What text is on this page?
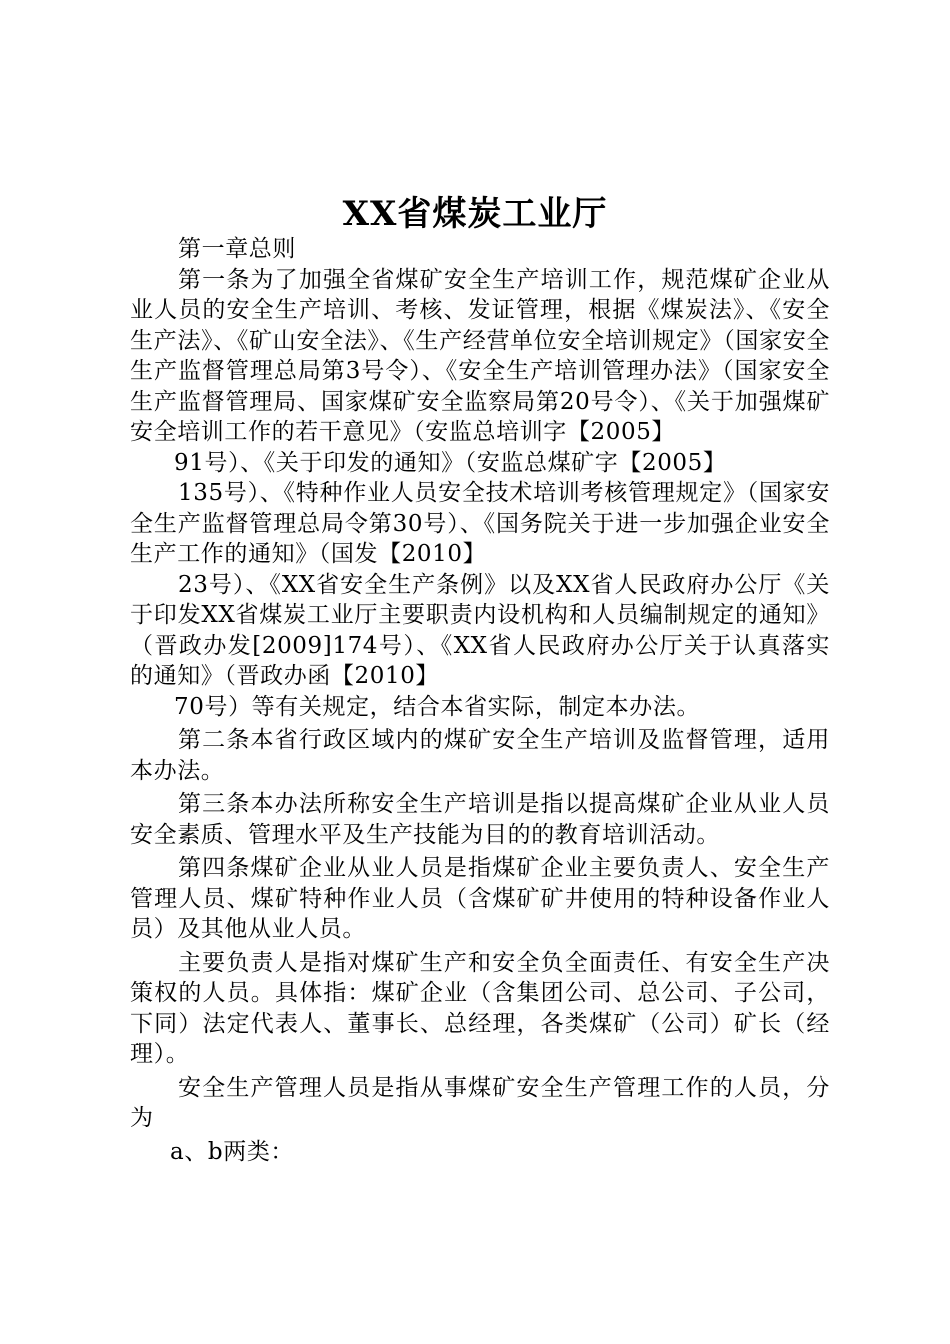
XX省煤炭工业厅

第一章总则

第一条为了加强全省煤矿安全生产培训工作，规范煤矿企业从业人员的安全生产培训、考核、发证管理，根据《煤炭法》、《安全生产法》、《矿山安全法》、《生产经营单位安全培训规定》（国家安全生产监督管理总局第3号令）、《安全生产培训管理办法》（国家安全生产监督管理局、国家煤矿安全监察局第20号令）、《关于加强煤矿安全培训工作的若干意见》（安监总培训字【2005】

91号）、《关于印发的通知》（安监总煤矿字【2005】

135号）、《特种作业人员安全技术培训考核管理规定》（国家安全生产监督管理总局令第30号）、《国务院关于进一步加强企业安全生产工作的通知》（国发【2010】

23号）、《XX省安全生产条例》以及XX省人民政府办公厅《关于印发XX省煤炭工业厅主要职责内设机构和人员编制规定的通知》（晋政办发[2009]174号）、《XX省人民政府办公厅关于认真落实的通知》（晋政办函【2010】

70号）等有关规定，结合本省实际，制定本办法。

第二条本省行政区域内的煤矿安全生产培训及监督管理，适用本办法。

第三条本办法所称安全生产培训是指以提高煤矿企业从业人员安全素质、管理水平及生产技能为目的的教育培训活动。

第四条煤矿企业从业人员是指煤矿企业主要负责人、安全生产管理人员、煤矿特种作业人员（含煤矿矿井使用的特种设备作业人员）及其他从业人员。

主要负责人是指对煤矿生产和安全负全面责任、有安全生产决策权的人员。具体指：煤矿企业（含集团公司、总公司、子公司，下同）法定代表人、董事长、总经理，各类煤矿（公司）矿长（经理）。

安全生产管理人员是指从事煤矿安全生产管理工作的人员，分为

a、b两类：
